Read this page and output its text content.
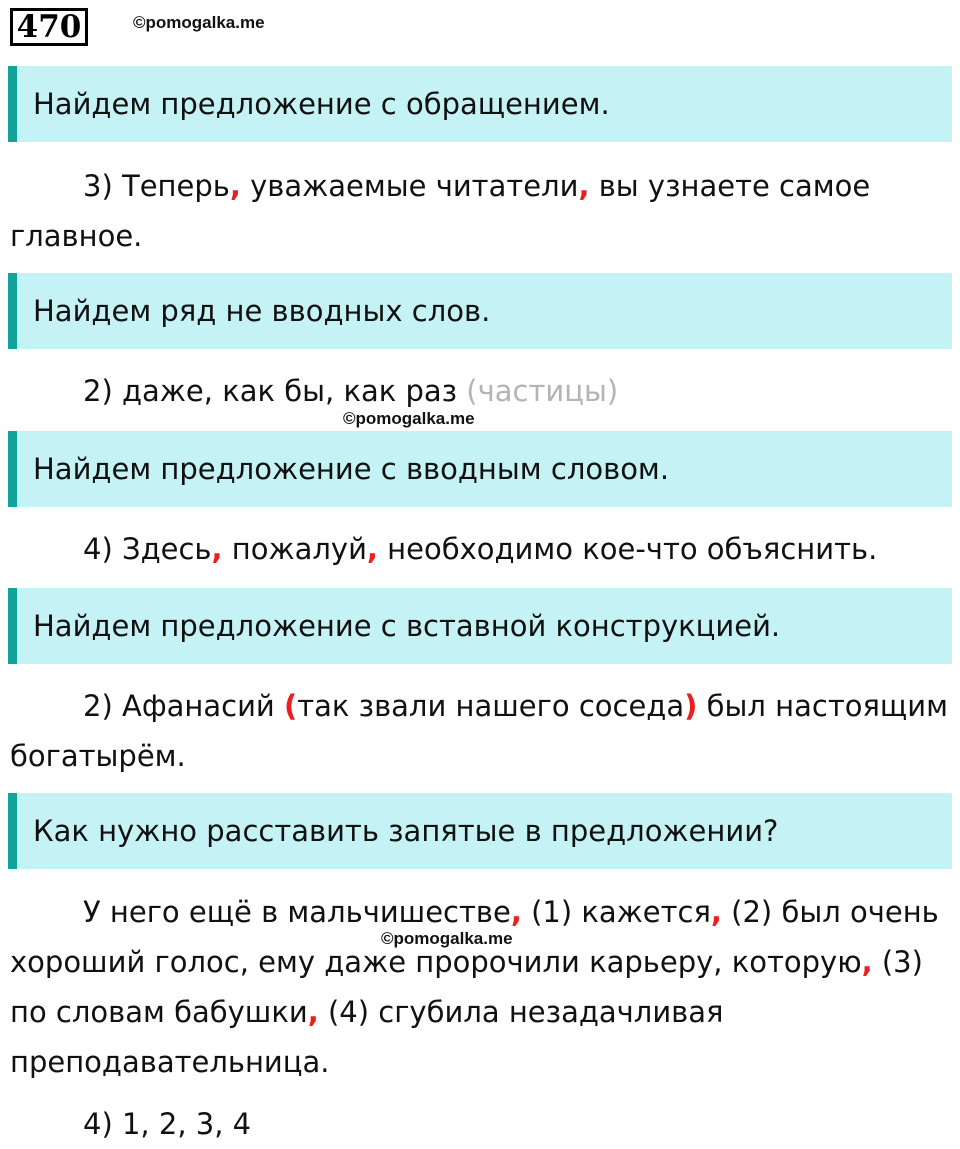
470	©pomogalka.me
Найдем предложение с обращением.

3) Теперь, уважаемые читатели, вы узнаете самое главное.

Найдем ряд не вводных слов.

2) даже, как бы, как раз (частицы)

©pomogalka.me
Найдем предложение с вводным словом.

4) Здесь, пожалуй, необходимо кое-что объяснить.

Найдем предложение с вставной конструкцией.

2) Афанасий (так звали нашего соседа) был настоящим богатырём.

Как нужно расставить запятые в предложении?

У него ещё в мальчишестве, (1) кажется, (2) был очень хороший голос, ему даже пророчили карьеру, которую, (3) по словам бабушки, (4) сгубила незадачливая преподавательница.

©pomogalka.me

4) 1, 2, 3, 4
